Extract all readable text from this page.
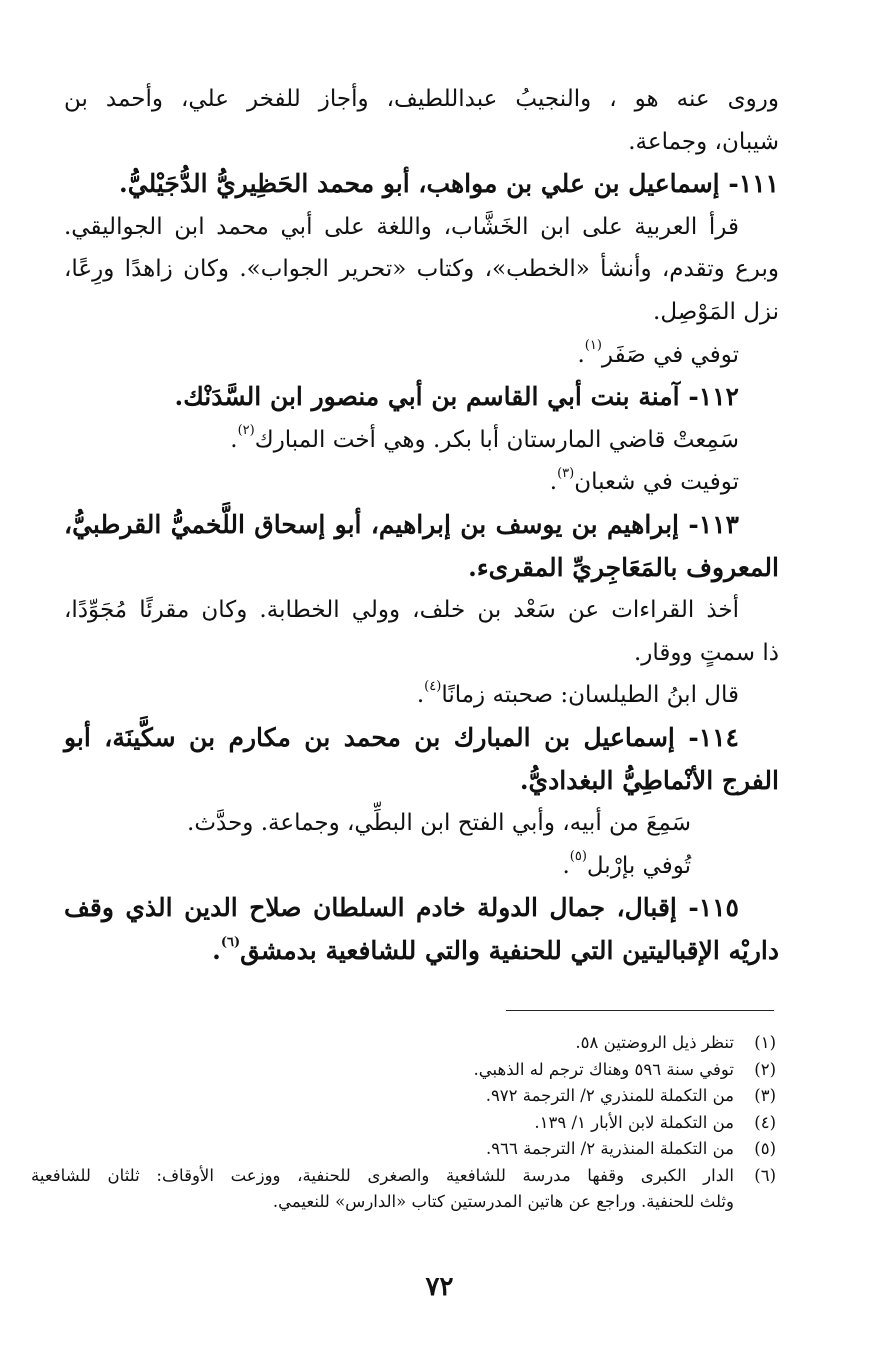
وروى عنه هو ، والنجيبُ عبداللطيف، وأجاز للفخر علي، وأحمد بن
شيبان، وجماعة.
١١١- إسماعيل بن علي بن مواهب، أبو محمد الحَظِيريُّ الدُّجَيْليُّ.
قرأ العربية على ابن الخَشَّاب، واللغة على أبي محمد ابن الجواليقي.
وبرع وتقدم، وأنشأ «الخطب»، وكتاب «تحرير الجواب». وكان زاهدًا ورِعًا،
نزل المَوْصِل.
توفي في صَفَر$^{(١)}$.
١١٢- آمنة بنت أبي القاسم بن أبي منصور ابن السَّدَنْك.
سَمِعتْ قاضي المارستان أبا بكر. وهي أخت المبارك$^{(٢)}$.
توفيت في شعبان$^{(٣)}$.
١١٣- إبراهيم بن يوسف بن إبراهيم، أبو إسحاق اللَّخميُّ القرطبيُّ،
المعروف بالمَعَاجِريِّ المقرىء.
أخذ القراءات عن سَعْد بن خلف، وولي الخطابة. وكان مقرئًا مُجَوِّدًا،
ذا سمتٍ ووقار.
قال ابنُ الطيلسان: صحبته زمانًا$^{(٤)}$.
١١٤- إسماعيل بن المبارك بن محمد بن مكارم بن سكَّينَة، أبو
الفرج الأنْماطِيُّ البغداديُّ.
سَمِعَ من أبيه، وأبي الفتح ابن البطِّي، وجماعة. وحدَّث.
تُوفي بإرْبل$^{(٥)}$.
١١٥- إقبال، جمال الدولة خادم السلطان صلاح الدين الذي وقف
داريْه الإقباليتين التي للحنفية والتي للشافعية بدمشق$^{(٦)}$.
(١)
تنظر ذيل الروضتين ٥٨.
(٢)
توفي سنة ٥٩٦ وهناك ترجم له الذهبي.
(٣)
من التكملة للمنذري ٢/ الترجمة ٩٧٢.
(٤)
من التكملة لابن الأبار ١/ ١٣٩.
(٥)
من التكملة المنذرية ٢/ الترجمة ٩٦٦.
(٦)
الدار الكبرى وقفها مدرسة للشافعية والصغرى للحنفية، ووزعت الأوقاف: ثلثان للشافعية
وثلث للحنفية. وراجع عن هاتين المدرستين كتاب «الدارس» للنعيمي.
٧٢
